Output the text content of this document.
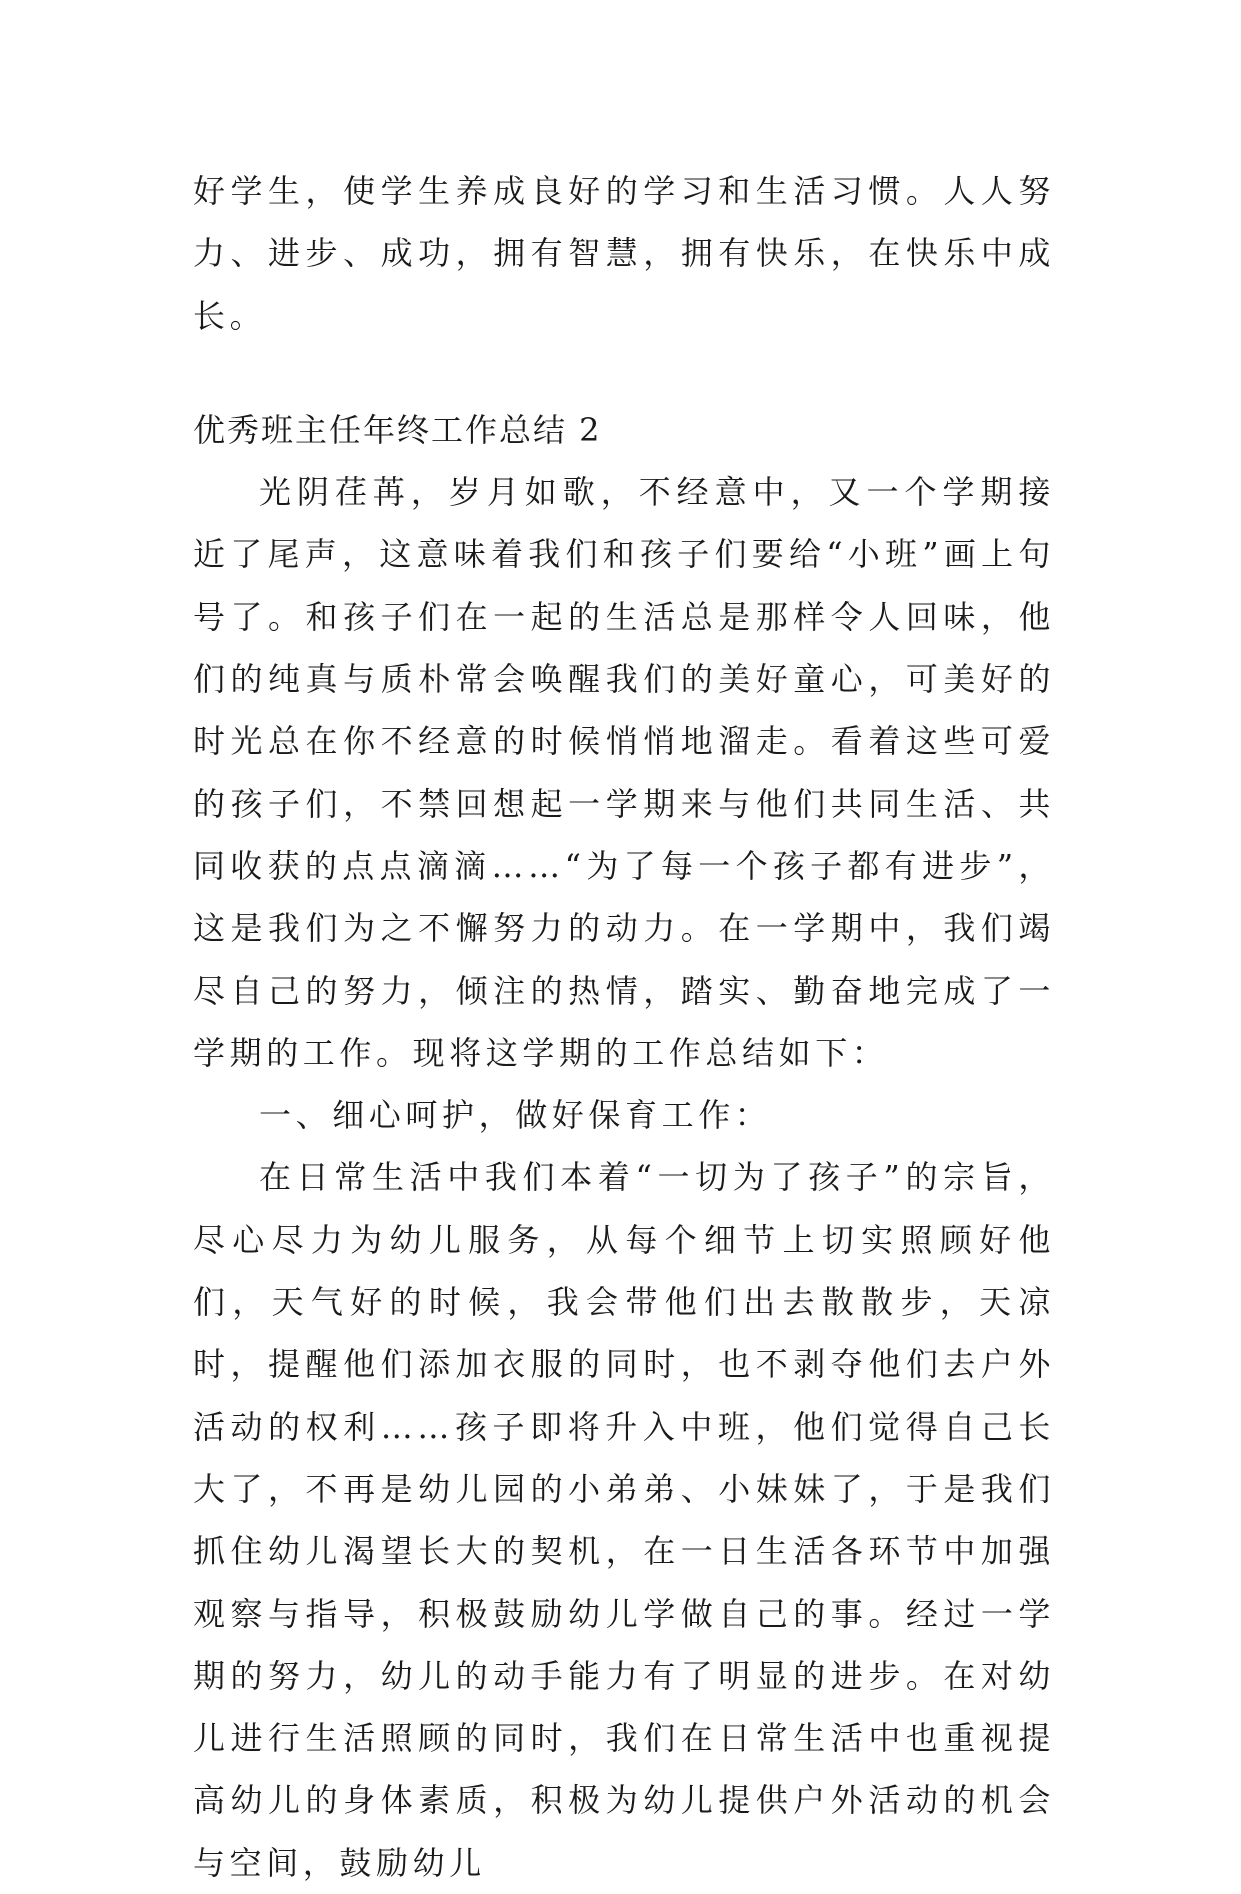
好学生，使学生养成良好的学习和生活习惯。人人努力、进步、成功，拥有智慧，拥有快乐，在快乐中成长。

优秀班主任年终工作总结 2

光阴荏苒，岁月如歌，不经意中，又一个学期接近了尾声，这意味着我们和孩子们要给“小班”画上句号了。和孩子们在一起的生活总是那样令人回味，他们的纯真与质朴常会唤醒我们的美好童心，可美好的时光总在你不经意的时候悄悄地溜走。看着这些可爱的孩子们，不禁回想起一学期来与他们共同生活、共同收获的点点滴滴……“为了每一个孩子都有进步”，这是我们为之不懈努力的动力。在一学期中，我们竭尽自己的努力，倾注的热情，踏实、勤奋地完成了一学期的工作。现将这学期的工作总结如下：

一、细心呵护，做好保育工作：

在日常生活中我们本着“一切为了孩子”的宗旨，尽心尽力为幼儿服务，从每个细节上切实照顾好他们，天气好的时候，我会带他们出去散散步，天凉时，提醒他们添加衣服的同时，也不剥夺他们去户外活动的权利……孩子即将升入中班，他们觉得自己长大了，不再是幼儿园的小弟弟、小妹妹了，于是我们抓住幼儿渴望长大的契机，在一日生活各环节中加强观察与指导，积极鼓励幼儿学做自己的事。经过一学期的努力，幼儿的动手能力有了明显的进步。在对幼儿进行生活照顾的同时，我们在日常生活中也重视提高幼儿的身体素质，积极为幼儿提供户外活动的机会与空间，鼓励幼儿
